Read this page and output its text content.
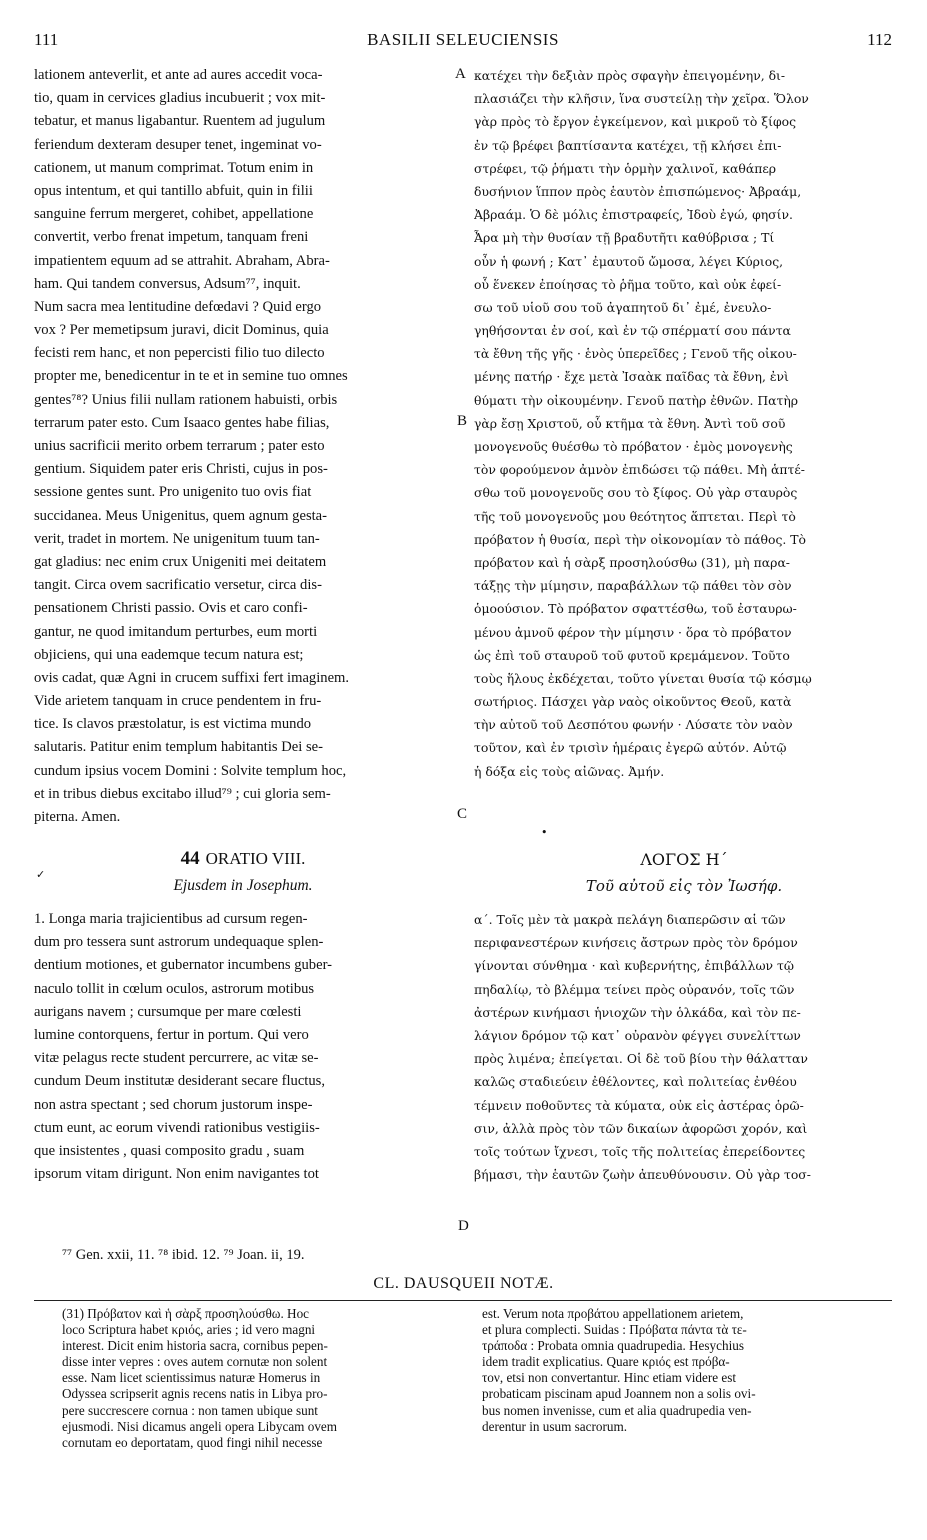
111	BASILII SELEUCIENSIS	112
lationem anteverlit, et ante ad aures accedit voca-
tio, quam in cervices gladius incubuerit ; vox mit-
tebatur, et manus ligabantur. Ruentem ad jugulum
feriendum dexteram desuper tenet, ingeminat vo-
cationem, ut manum comprimat. Totum enim in
opus intentum, et qui tantillo abfuit, quin in filii
sanguine ferrum mergeret, cohibet, appellatione
convertit, verbo frenat impetum, tanquam freni
impatientem equum ad se attrahit. Abraham, Abra-
ham. Qui tandem conversus, Adsum⁷⁷, inquit.
Num sacra mea lentitudine defœdavi ? Quid ergo
vox ? Per memetipsum juravi, dicit Dominus, quia
fecisti rem hanc, et non pepercisti filio tuo dilecto
propter me, benedicentur in te et in semine tuo omnes
gentes⁷⁸? Unius filii nullam rationem habuisti, orbis
terrarum pater esto. Cum Isaaco gentes habe filias,
unius sacrificii merito orbem terrarum ; pater esto
gentium. Siquidem pater eris Christi, cujus in pos-
sessione gentes sunt. Pro unigenito tuo ovis fiat
succidanea. Meus Unigenitus, quem agnum gesta-
verit, tradet in mortem. Ne unigenitum tuum tan-
gat gladius: nec enim crux Unigeniti mei deitatem
tangit. Circa ovem sacrificatio versetur, circa dis-
pensationem Christi passio. Ovis et caro confi-
gantur, ne quod imitandum perturbes, eum morti
objiciens, qui una eademque tecum natura est;
ovis cadat, quæ Agni in crucem suffixi fert imaginem.
Vide arietem tanquam in cruce pendentem in fru-
tice. Is clavos præstolatur, is est victima mundo
salutaris. Patitur enim templum habitantis Dei se-
cundum ipsius vocem Domini : Solvite templum hoc,
et in tribus diebus excitabo illud⁷⁹ ; cui gloria sem-
piterna. Amen.
κατέχει τὴν δεξιὰν πρὸς σφαγὴν ἐπειγομένην, δι-
πλασιάζει τὴν κλῆσιν, ἵνα συστείλῃ τὴν χεῖρα. Ὅλον
γὰρ πρὸς τὸ ἔργον ἐγκείμενον, καὶ μικροῦ τὸ ξίφος
ἐν τῷ βρέφει βαπτίσαντα κατέχει, τῇ κλήσει ἐπι-
στρέφει, τῷ ῥήματι τὴν ὁρμὴν χαλινοῖ, καθάπερ
δυσήνιον ἵππον πρὸς ἑαυτὸν ἐπισπώμενος· Ἀβραάμ,
Ἀβραάμ. Ὁ δὲ μόλις ἐπιστραφείς, Ἰδοὺ ἐγώ, φησίν.
Ἆρα μὴ τὴν θυσίαν τῇ βραδυτῆτι καθύβρισα ; Τί
οὖν ἡ φωνή ; Κατ᾽ ἐμαυτοῦ ὤμοσα, λέγει Κύριος,
οὗ ἕνεκεν ἐποίησας τὸ ῥῆμα τοῦτο, καὶ οὐκ ἐφεί-
σω τοῦ υἱοῦ σου τοῦ ἀγαπητοῦ δι᾽ ἐμέ, ἐνευλο-
γηθήσονται ἐν σοί, καὶ ἐν τῷ σπέρματί σου πάντα
τὰ ἔθνη τῆς γῆς · ἑνὸς ὑπερεῖδες ; Γενοῦ τῆς οἰκου-
μένης πατήρ · ἔχε μετὰ Ἰσαὰκ παῖδας τὰ ἔθνη, ἐνὶ
θύματι τὴν οἰκουμένην. Γενοῦ πατὴρ ἐθνῶν. Πατὴρ
γὰρ ἔσῃ Χριστοῦ, οὗ κτῆμα τὰ ἔθνη. Ἀντὶ τοῦ σοῦ
μονογενοῦς θυέσθω τὸ πρόβατον · ἐμὸς μονογενὴς
τὸν φορούμενον ἀμνὸν ἐπιδώσει τῷ πάθει. Μὴ ἁπτέ-
σθω τοῦ μονογενοῦς σου τὸ ξίφος. Οὐ γὰρ σταυρὸς
τῆς τοῦ μονογενοῦς μου θεότητος ἅπτεται. Περὶ τὸ
πρόβατον ἡ θυσία, περὶ τὴν οἰκονομίαν τὸ πάθος. Τὸ
πρόβατον καὶ ἡ σὰρξ προσηλούσθω (31), μὴ παρα-
τάξῃς τὴν μίμησιν, παραβάλλων τῷ πάθει τὸν σὸν
ὁμοούσιον. Τὸ πρόβατον σφαττέσθω, τοῦ ἐσταυρω-
μένου ἀμνοῦ φέρον τὴν μίμησιν · ὅρα τὸ πρόβατον
ὡς ἐπὶ τοῦ σταυροῦ τοῦ φυτοῦ κρεμάμενον. Τοῦτο
τοὺς ἥλους ἐκδέχεται, τοῦτο γίνεται θυσία τῷ κόσμῳ
σωτήριος. Πάσχει γὰρ ναὸς οἰκοῦντος Θεοῦ, κατὰ
τὴν αὐτοῦ τοῦ Δεσπότου φωνήν · Λύσατε τὸν ναὸν
τοῦτον, καὶ ἐν τρισὶν ἡμέραις ἐγερῶ αὐτόν. Αὐτῷ
ἡ δόξα εἰς τοὺς αἰῶνας. Ἀμήν.
A
B
C
D
44 ORATIO VIII.
Ejusdem in Josephum.
✓
ΛΟΓΟΣ Η´
Τοῦ αὐτοῦ εἰς τὸν Ἰωσήφ.
•
1. Longa maria trajicientibus ad cursum regen-
dum pro tessera sunt astrorum undequaque splen-
dentium motiones, et gubernator incumbens guber-
naculo tollit in cœlum oculos, astrorum motibus
aurigans navem ; cursumque per mare cœlesti
lumine contorquens, fertur in portum. Qui vero
vitæ pelagus recte student percurrere, ac vitæ se-
cundum Deum institutæ desiderant secare fluctus,
non astra spectant ; sed chorum justorum inspe-
ctum eunt, ac eorum vivendi rationibus vestigiis-
que insistentes , quasi composito gradu , suam
ipsorum vitam dirigunt. Non enim navigantes tot
α´. Τοῖς μὲν τὰ μακρὰ πελάγη διαπερῶσιν αἱ τῶν
περιφανεστέρων κινήσεις ἄστρων πρὸς τὸν δρόμον
γίνονται σύνθημα · καὶ κυβερνήτης, ἐπιβάλλων τῷ
πηδαλίῳ, τὸ βλέμμα τείνει πρὸς οὐρανόν, τοῖς τῶν
ἀστέρων κινήμασι ἡνιοχῶν τὴν ὁλκάδα, καὶ τὸν πε-
λάγιον δρόμον τῷ κατ᾽ οὐρανὸν φέγγει συνελίττων
πρὸς λιμένα; ἐπείγεται. Οἱ δὲ τοῦ βίου τὴν θάλατταν
καλῶς σταδιεύειν ἐθέλοντες, καὶ πολιτείας ἐνθέου
τέμνειν ποθοῦντες τὰ κύματα, οὐκ εἰς ἀστέρας ὁρῶ-
σιν, ἀλλὰ πρὸς τὸν τῶν δικαίων ἀφορῶσι χορόν, καὶ
τοῖς τούτων ἴχνεσι, τοῖς τῆς πολιτείας ἐπερείδοντες
βήμασι, τὴν ἑαυτῶν ζωὴν ἀπευθύνουσιν. Οὐ γὰρ τοσ-
⁷⁷ Gen. xxii, 11. ⁷⁸ ibid. 12. ⁷⁹ Joan. ii, 19.
CL. DAUSQUEII NOTÆ.
(31) Πρόβατον καὶ ἡ σὰρξ προσηλούσθω. Hoc
loco Scriptura habet κριός, aries ; id vero magni
interest. Dicit enim historia sacra, cornibus pepen-
disse inter vepres : oves autem cornutæ non solent
esse. Nam licet scientissimus naturæ Homerus in
Odyssea scripserit agnis recens natis in Libya pro-
pere succrescere cornua : non tamen ubique sunt
ejusmodi. Nisi dicamus angeli opera Libycam ovem
cornutam eo deportatam, quod fingi nihil necesse
est. Verum nota προβάτου appellationem arietem,
et plura complecti. Suidas : Πρόβατα πάντα τὰ τε-
τράποδα : Probata omnia quadrupedia. Hesychius
idem tradit explicatius. Quare κριός est πρόβα-
τον, etsi non convertantur. Hinc etiam videre est
probaticam piscinam apud Joannem non a solis ovi-
bus nomen invenisse, cum et alia quadrupedia ven-
derentur in usum sacrorum.
